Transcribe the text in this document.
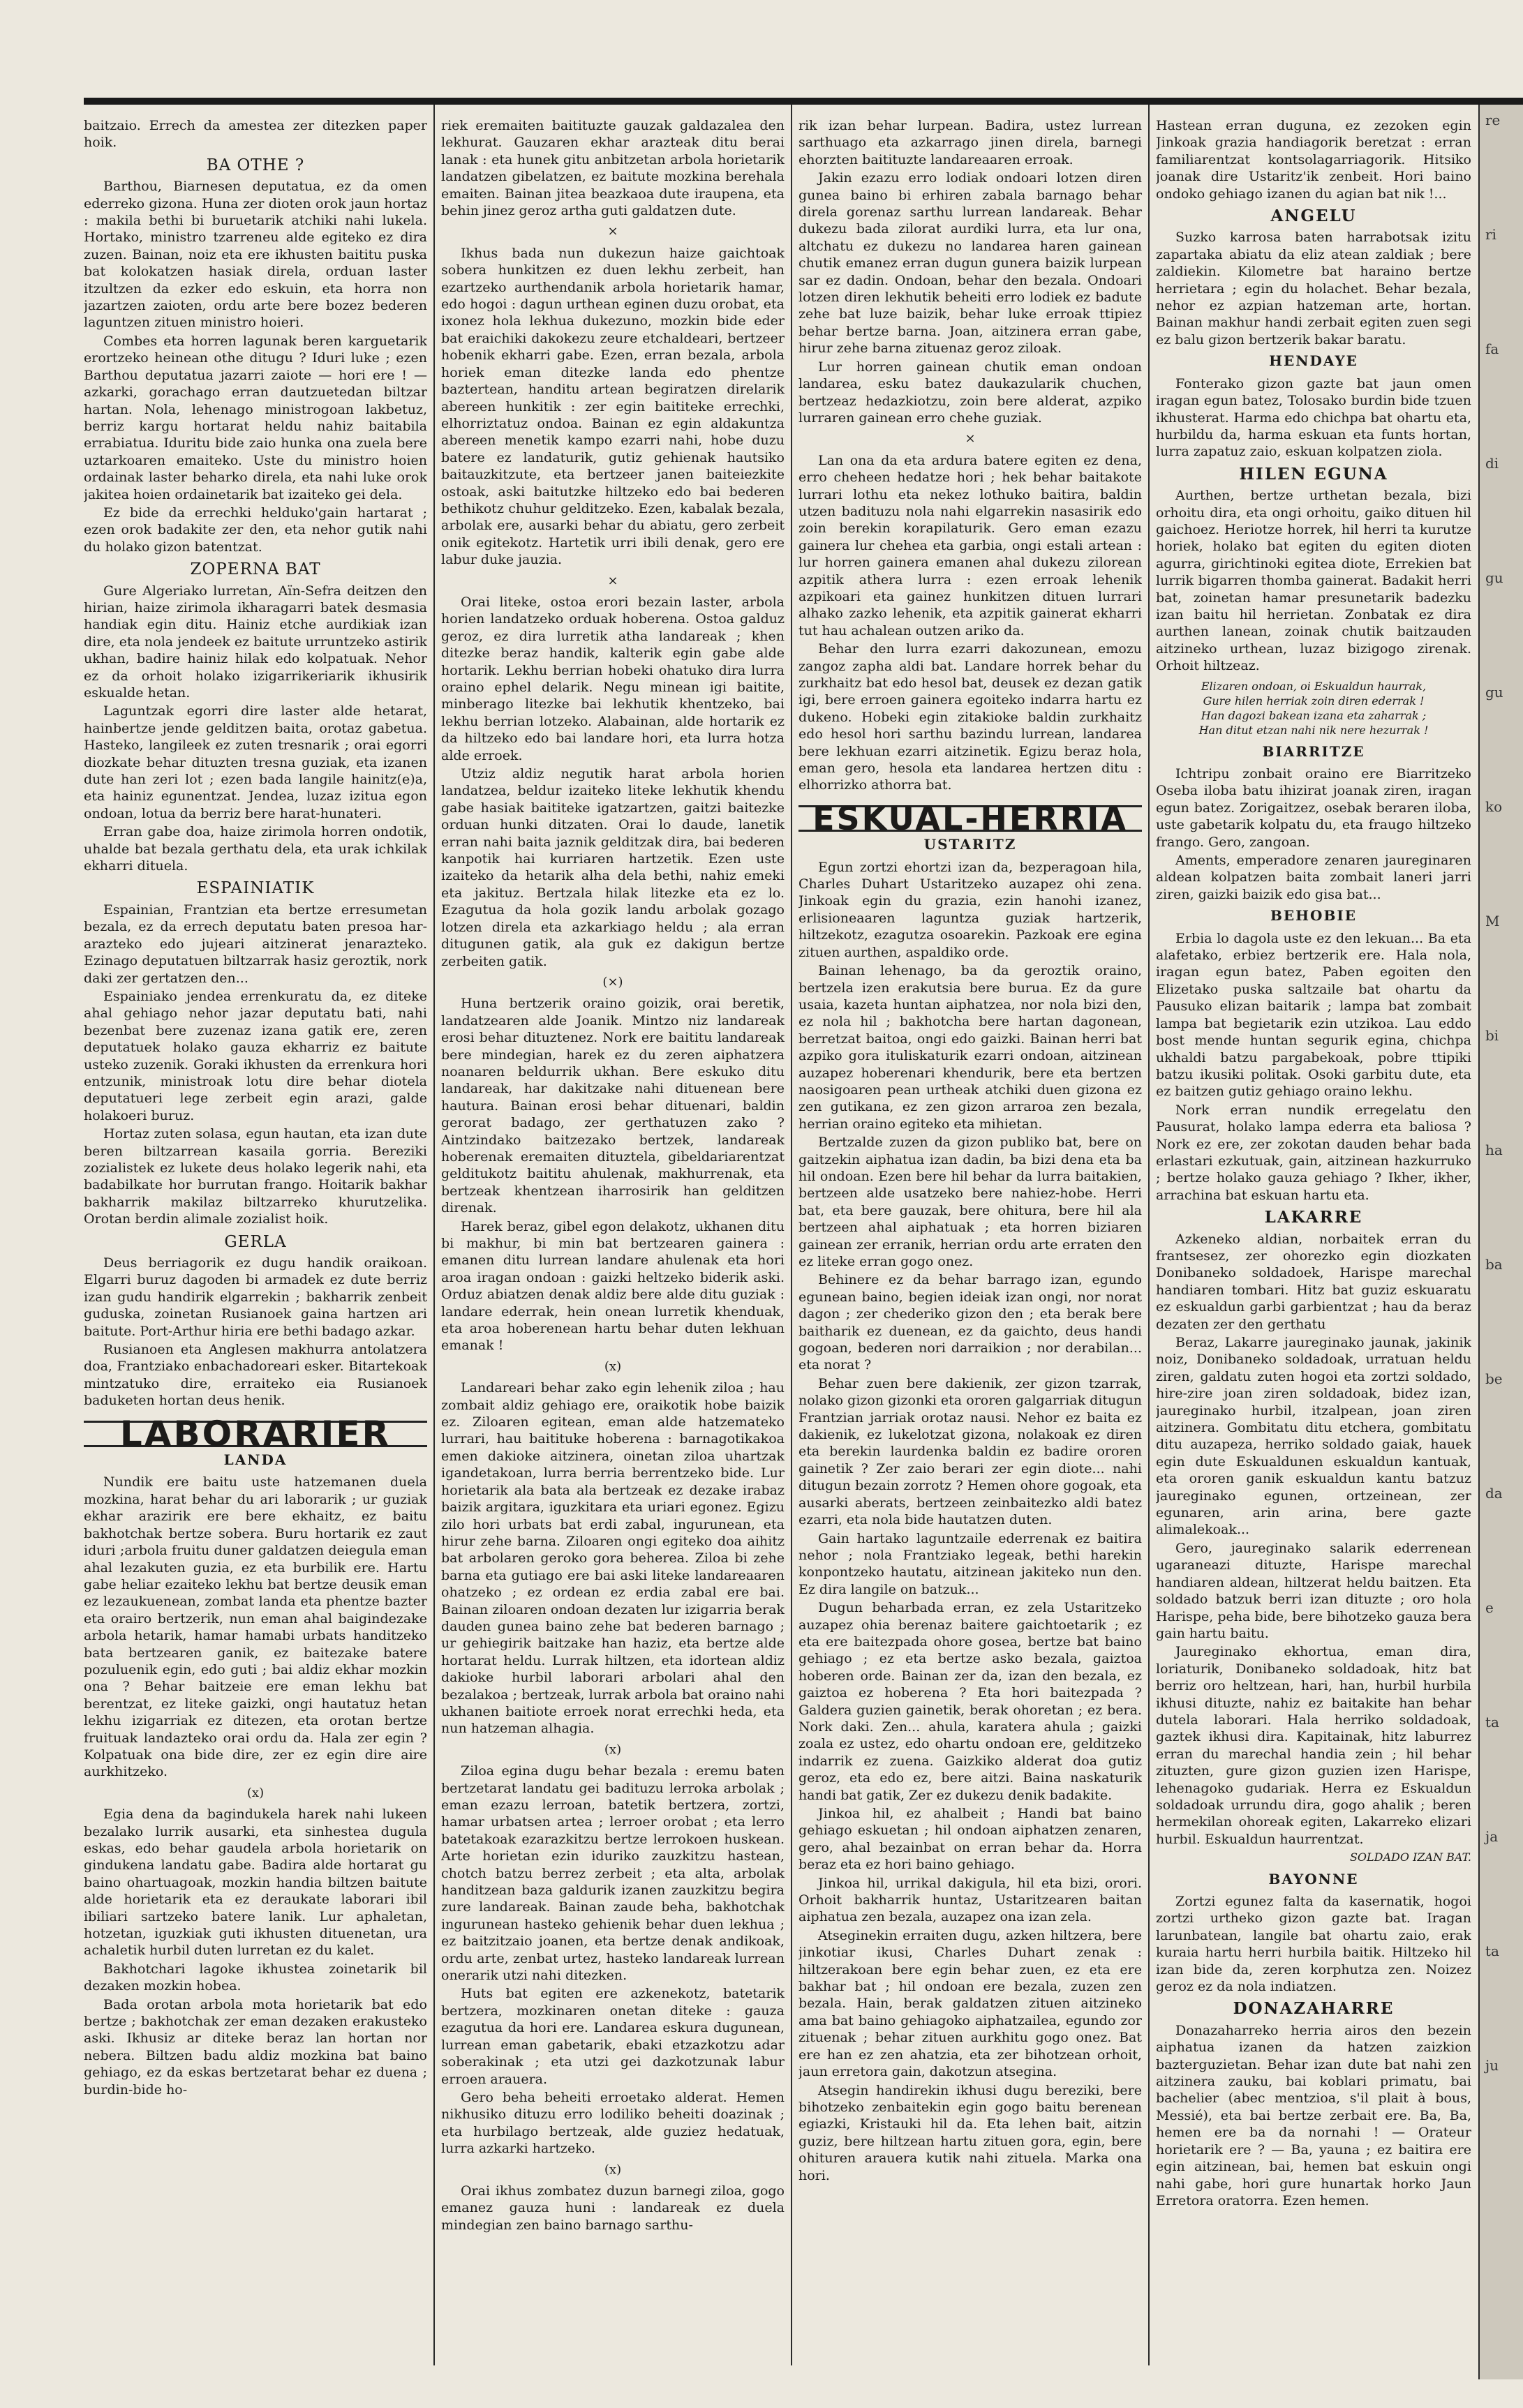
baitzaio. Errech da amestea zer ditezken paper hoik.

BA OTHE ?

Barthou, Biarnesen deputatua, ez da omen ederreko gizona. Huna zer dioten orok jaun hortaz : makila bethi bi buruetarik atchiki nahi lukela. Hortako, ministro tzarreneu alde egiteko ez dira zuzen. Bainan, noiz eta ere ikhusten baititu puska bat kolokatzen hasiak direla, orduan laster itzultzen da ezker edo eskuin, eta horra non jazartzen zaioten, ordu arte bere bozez bederen laguntzen zituen ministro hoieri.

Combes eta horren lagunak beren karguetarik erortzeko heinean othe ditugu ? Iduri luke ; ezen Barthou deputatua jazarri zaiote — hori ere ! — azkarki, gorachago erran dautzuetedan biltzar hartan. Nola, lehenago ministrogoan lakbetuz, berriz kargu hortarat heldu nahiz baitabila errabiatua. Iduritu bide zaio hunka ona zuela bere uztarkoaren emaiteko. Uste du ministro hoien ordainak laster beharko direla, eta nahi luke orok jakitea hoien ordainetarik bat izaiteko gei dela.

Ez bide da errechki helduko'gain hartarat ; ezen orok badakite zer den, eta nehor gutik nahi du holako gizon batentzat.

ZOPERNA BAT

Gure Algeriako lurretan, Aïn-Sefra deitzen den hirian, haize zirimola ikharagarri batek desmasia handiak egin ditu. Hainiz etche aurdikiak izan dire, eta nola jendeek ez baitute urruntzeko astirik ukhan, badire hainiz hilak edo kolpatuak. Nehor ez da orhoit holako izigarrikeriarik ikhusirik eskualde hetan.

Laguntzak egorri dire laster alde hetarat, hainbertze jende gelditzen baita, orotaz gabetua. Hasteko, langileek ez zuten tresnarik ; orai egorri diozkate behar dituzten tresna guziak, eta izanen dute han zeri lot ; ezen bada langile hainitz(e)a, eta hainiz egunentzat. Jendea, luzaz izitua egon ondoan, lotua da berriz bere harat-hunateri.

Erran gabe doa, haize zirimola horren ondotik, uhalde bat bezala gerthatu dela, eta urak ichkilak ekharri dituela.

ESPAINIATIK

Espainian, Frantzian eta bertze erresumetan bezala, ez da errech deputatu baten presoa har-arazteko edo jujeari aitzinerat jenarazteko. Ezinago deputatuen biltzarrak hasiz geroztik, nork daki zer gertatzen den...

Espainiako jendea errenkuratu da, ez diteke ahal gehiago nehor jazar deputatu bati, nahi bezenbat bere zuzenaz izana gatik ere, zeren deputatuek holako gauza ekharriz ez baitute usteko zuzenik. Goraki ikhusten da errenkura hori entzunik, ministroak lotu dire behar diotela deputatueri lege zerbeit egin arazi, galde holakoeri buruz.

Hortaz zuten solasa, egun hautan, eta izan dute beren biltzarrean kasaila gorria. Bereziki zozialistek ez lukete deus holako legerik nahi, eta badabilkate hor burrutan frango. Hoitarik bakhar bakharrik makilaz biltzarreko khurutzelika. Orotan berdin alimale zozialist hoik.

GERLA

Deus berriagorik ez dugu handik oraikoan. Elgarri buruz dagoden bi armadek ez dute berriz izan gudu handirik elgarrekin ; bakharrik zenbeit guduska, zoinetan Rusianoek gaina hartzen ari baitute. Port-Arthur hiria ere bethi badago azkar.

Rusianoen eta Anglesen makhurra antolatzera doa, Frantziako enbachadoreari esker. Bitartekoak mintzatuko dire, erraiteko eia Rusianoek baduketen hortan deus henik.

LABORARIER
LANDA

Nundik ere baitu uste hatzemanen duela mozkina, harat behar du ari laborarik ; ur guziak ekhar arazirik ere bere ekhaitz, ez baitu bakhotchak bertze sobera. Buru hortarik ez zaut iduri ;arbola fruitu duner galdatzen deiegula eman ahal lezakuten guzia, ez eta burbilik ere. Hartu gabe heliar ezaiteko lekhu bat bertze deusik eman ez lezaukuenean, zombat landa eta phentze bazter eta orairo bertzerik, nun eman ahal baigindezake arbola hetarik, hamar hamabi urbats handitzeko bata bertzearen ganik, ez baitezake batere pozuluenik egin, edo guti ; bai aldiz ekhar mozkin ona ? Behar baitzeie ere eman lekhu bat berentzat, ez liteke gaizki, ongi hautatuz hetan lekhu izigarriak ez ditezen, eta orotan bertze fruituak landazteko orai ordu da. Hala zer egin ? Kolpatuak ona bide dire, zer ez egin dire aire aurkhitzeko.

(x)

Egia dena da bagindukela harek nahi lukeen bezalako lurrik ausarki, eta sinhestea dugula eskas, edo behar gaudela arbola horietarik on gindukena landatu gabe. Badira alde hortarat gu baino ohartuagoak, mozkin handia biltzen baitute alde horietarik eta ez deraukate laborari ibil ibiliari sartzeko batere lanik. Lur aphaletan, hotzetan, iguzkiak guti ikhusten dituenetan, ura achaletik hurbil duten lurretan ez du kalet.

Bakhotchari lagoke ikhustea zoinetarik bil dezaken mozkin hobea.

Bada orotan arbola mota horietarik bat edo bertze ; bakhotchak zer eman dezaken erakusteko aski. Ikhusiz ar diteke beraz lan hortan nor nebera. Biltzen badu aldiz mozkina bat baino gehiago, ez da eskas bertzetarat behar ez duena ; burdin-bide ho-

riek eremaiten baitituzte gauzak galdazalea den lekhurat. Gauzaren ekhar arazteak ditu berai lanak : eta hunek gitu anbitzetan arbola horietarik landatzen gibelatzen, ez baitute mozkina berehala emaiten. Bainan jitea beazkaoa dute iraupena, eta behin jinez geroz artha guti galdatzen dute.

×

Ikhus bada nun dukezun haize gaichtoak sobera hunkitzen ez duen lekhu zerbeit, han ezartzeko aurthendanik arbola horietarik hamar, edo hogoi : dagun urthean eginen duzu orobat, eta ixonez hola lekhua dukezuno, mozkin bide eder bat eraichiki dakokezu zeure etchaldeari, bertzeer hobenik ekharri gabe. Ezen, erran bezala, arbola horiek eman ditezke landa edo phentze baztertean, handitu artean begiratzen direlarik abereen hunkitik : zer egin baititeke errechki, elhorriztatuz ondoa. Bainan ez egin aldakuntza abereen menetik kampo ezarri nahi, hobe duzu batere ez landaturik, gutiz gehienak hautsiko baitauzkitzute, eta bertzeer janen baiteiezkite ostoak, aski baitutzke hiltzeko edo bai bederen bethikotz chuhur gelditzeko. Ezen, kabalak bezala, arbolak ere, ausarki behar du abiatu, gero zerbeit onik egitekotz. Hartetik urri ibili denak, gero ere labur duke jauzia.

×

Orai liteke, ostoa erori bezain laster, arbola horien landatzeko orduak hoberena. Ostoa galduz geroz, ez dira lurretik atha landareak ; khen ditezke beraz handik, kalterik egin gabe alde hortarik. Lekhu berrian hobeki ohatuko dira lurra oraino ephel delarik. Negu minean igi baitite, minberago litezke bai lekhutik khentzeko, bai lekhu berrian lotzeko. Alabainan, alde hortarik ez da hiltzeko edo bai landare hori, eta lurra hotza alde erroek.

Utziz aldiz negutik harat arbola horien landatzea, beldur izaiteko liteke lekhutik khendu gabe hasiak baititeke igatzartzen, gaitzi baitezke orduan hunki ditzaten. Orai lo daude, lanetik erran nahi baita jaznik gelditzak dira, bai bederen kanpotik hai kurriaren hartzetik. Ezen uste izaiteko da hetarik alha dela bethi, nahiz emeki eta jakituz. Bertzala hilak litezke eta ez lo. Ezagutua da hola gozik landu arbolak gozago lotzen direla eta azkarkiago heldu ; ala erran ditugunen gatik, ala guk ez dakigun bertze zerbeiten gatik.

(×)

Huna bertzerik oraino goizik, orai beretik, landatzearen alde Joanik. Mintzo niz landareak erosi behar dituztenez. Nork ere baititu landareak bere mindegian, harek ez du zeren aiphatzera noanaren beldurrik ukhan. Bere eskuko ditu landareak, har dakitzake nahi dituenean bere hautura. Bainan erosi behar dituenari, baldin gerorat badago, zer gerthatuzen zako ? Aintzindako baitzezako bertzek, landareak hoberenak eremaiten dituztela, gibeldariarentzat gelditukotz baititu ahulenak, makhurrenak, eta bertzeak khentzean iharrosirik han gelditzen direnak.

Harek beraz, gibel egon delakotz, ukhanen ditu bi makhur, bi min bat bertzearen gainera : emanen ditu lurrean landare ahulenak eta hori aroa iragan ondoan : gaizki heltzeko biderik aski. Orduz abiatzen denak aldiz bere alde ditu guziak : landare ederrak, hein onean lurretik khenduak, eta aroa hoberenean hartu behar duten lekhuan emanak !

(x)

Landareari behar zako egin lehenik ziloa ; hau zombait aldiz gehiago ere, oraikotik hobe baizik ez. Ziloaren egitean, eman alde hatzemateko lurrari, hau baitituke hoberena : barnagotikakoa emen dakioke aitzinera, oinetan ziloa uhartzak igandetakoan, lurra berria berrentzeko bide. Lur horietarik ala bata ala bertzeak ez dezake irabaz baizik argitara, iguzkitara eta uriari egonez. Egizu zilo hori urbats bat erdi zabal, ingurunean, eta hirur zehe barna. Ziloaren ongi egiteko doa aihitz bat arbolaren geroko gora beherea. Ziloa bi zehe barna eta gutiago ere bai aski liteke landareaaren ohatzeko ; ez ordean ez erdia zabal ere bai. Bainan ziloaren ondoan dezaten lur izigarria berak dauden gunea baino zehe bat bederen barnago ; ur gehiegirik baitzake han haziz, eta bertze alde hortarat heldu. Lurrak hiltzen, eta idortean aldiz dakioke hurbil laborari arbolari ahal den bezalakoa ; bertzeak, lurrak arbola bat oraino nahi ukhanen baitiote erroek norat errechki heda, eta nun hatzeman alhagia.

(x)

Ziloa egina dugu behar bezala : eremu baten bertzetarat landatu gei badituzu lerroka arbolak ; eman ezazu lerroan, batetik bertzera, zortzi, hamar urbatsen artea ; lerroer orobat ; eta lerro batetakoak ezarazkitzu bertze lerrokoen huskean. Arte horietan ezin iduriko zauzkitzu hastean, chotch batzu berrez zerbeit ; eta alta, arbolak handitzean baza galdurik izanen zauzkitzu begira zure landareak. Bainan zaude beha, bakhotchak ingurunean hasteko gehienik behar duen lekhua ; ez baitzitzaio joanen, eta bertze denak andikoak, ordu arte, zenbat urtez, hasteko landareak lurrean onerarik utzi nahi ditezken.

Huts bat egiten ere azkenekotz, batetarik bertzera, mozkinaren onetan diteke : gauza ezagutua da hori ere. Landarea eskura dugunean, lurrean eman gabetarik, ebaki etzazkotzu adar soberakinak ; eta utzi gei dazkotzunak labur erroen arauera.

Gero beha beheiti erroetako alderat. Hemen nikhusiko dituzu erro lodiliko beheiti doazinak ; eta hurbilago bertzeak, alde guziez hedatuak, lurra azkarki hartzeko.

(x)

Orai ikhus zombatez duzun barnegi ziloa, gogo emanez gauza huni : landareak ez duela mindegian zen baino barnago sarthu-

rik izan behar lurpean. Badira, ustez lurrean sarthuago eta azkarrago jinen direla, barnegi ehorzten baitituzte landareaaren erroak.

Jakin ezazu erro lodiak ondoari lotzen diren gunea baino bi erhiren zabala barnago behar direla gorenaz sarthu lurrean landareak. Behar dukezu bada zilorat aurdiki lurra, eta lur ona, altchatu ez dukezu no landarea haren gainean chutik emanez erran dugun gunera baizik lurpean sar ez dadin. Ondoan, behar den bezala. Ondoari lotzen diren lekhutik beheiti erro lodiek ez badute zehe bat luze baizik, behar luke erroak ttipiez behar bertze barna. Joan, aitzinera erran gabe, hirur zehe barna zituenaz geroz ziloak.

Lur horren gainean chutik eman ondoan landarea, esku batez daukazularik chuchen, bertzeaz hedazkiotzu, zoin bere alderat, azpiko lurraren gainean erro chehe guziak.

×

Lan ona da eta ardura batere egiten ez dena, erro cheheen hedatze hori ; hek behar baitakote lurrari lothu eta nekez lothuko baitira, baldin utzen badituzu nola nahi elgarrekin nasasirik edo zoin berekin korapilaturik. Gero eman ezazu gainera lur chehea eta garbia, ongi estali artean : lur horren gainera emanen ahal dukezu zilorean azpitik athera lurra : ezen erroak lehenik azpikoari eta gainez hunkitzen dituen lurrari alhako zazko lehenik, eta azpitik gainerat ekharri tut hau achalean outzen ariko da.

Behar den lurra ezarri dakozunean, emozu zangoz zapha aldi bat. Landare horrek behar du zurkhaitz bat edo hesol bat, deusek ez dezan gatik igi, bere erroen gainera egoiteko indarra hartu ez dukeno. Hobeki egin zitakioke baldin zurkhaitz edo hesol hori sarthu bazindu lurrean, landarea bere lekhuan ezarri aitzinetik. Egizu beraz hola, eman gero, hesola eta landarea hertzen ditu : elhorrizko athorra bat.

ESKUAL-HERRIA
USTARITZ

Egun zortzi ehortzi izan da, bezperagoan hila, Charles Duhart Ustaritzeko auzapez ohi zena. Jinkoak egin du grazia, ezin hanohi izanez, erlisioneaaren laguntza guziak hartzerik, hiltzekotz, ezagutza osoarekin. Pazkoak ere egina zituen aurthen, aspaldiko orde.

Bainan lehenago, ba da geroztik oraino, bertzela izen erakutsia bere burua. Ez da gure usaia, kazeta huntan aiphatzea, nor nola bizi den, ez nola hil ; bakhotcha bere hartan dagonean, berretzat baitoa, ongi edo gaizki. Bainan herri bat azpiko gora ituliskaturik ezarri ondoan, aitzinean auzapez hoberenari khendurik, bere eta bertzen naosigoaren pean urtheak atchiki duen gizona ez zen gutikana, ez zen gizon arraroa zen bezala, herrian oraino egiteko eta mihietan.

Bertzalde zuzen da gizon publiko bat, bere on gaitzekin aiphatua izan dadin, ba bizi dena eta ba hil ondoan. Ezen bere hil behar da lurra baitakien, bertzeen alde usatzeko bere nahiez-hobe. Herri bat, eta bere gauzak, bere ohitura, bere hil ala bertzeen ahal aiphatuak ; eta horren biziaren gainean zer erranik, herrian ordu arte erraten den ez liteke erran gogo onez.

Behinere ez da behar barrago izan, egundo egunean baino, begien ideiak izan ongi, nor norat dagon ; zer chederiko gizon den ; eta berak bere baitharik ez duenean, ez da gaichto, deus handi gogoan, bederen nori darraikion ; nor derabilan... eta norat ?

Behar zuen bere dakienik, zer gizon tzarrak, nolako gizon gizonki eta ororen galgarriak ditugun Frantzian jarriak orotaz nausi. Nehor ez baita ez dakienik, ez lukelotzat gizona, nolakoak ez diren eta berekin laurdenka baldin ez badire ororen gainetik ? Zer zaio berari zer egin diote... nahi ditugun bezain zorrotz ? Hemen ohore gogoak, eta ausarki aberats, bertzeen zeinbaitezko aldi batez ezarri, eta nola bide hautatzen duten.

Gain hartako laguntzaile ederrenak ez baitira nehor ; nola Frantziako legeak, bethi harekin konpontzeko hautatu, aitzinean jakiteko nun den. Ez dira langile on batzuk...

Dugun beharbada erran, ez zela Ustaritzeko auzapez ohia berenaz baitere gaichtoetarik ; ez eta ere baitezpada ohore gosea, bertze bat baino gehiago ; ez eta bertze asko bezala, gaiztoa hoberen orde. Bainan zer da, izan den bezala, ez gaiztoa ez hoberena ? Eta hori baitezpada ? Galdera guzien gainetik, berak ohoretan ; ez bera. Nork daki. Zen... ahula, karatera ahula ; gaizki zoala ez ustez, edo ohartu ondoan ere, gelditzeko indarrik ez zuena. Gaizkiko alderat doa gutiz geroz, eta edo ez, bere aitzi. Baina naskaturik handi bat gatik, Zer ez dukezu denik badakite.

Jinkoa hil, ez ahalbeit ; Handi bat baino gehiago eskuetan ; hil ondoan aiphatzen zenaren, gero, ahal bezainbat on erran behar da. Horra beraz eta ez hori baino gehiago.

Jinkoa hil, urrikal dakigula, hil eta bizi, orori. Orhoit bakharrik huntaz, Ustaritzearen baitan aiphatua zen bezala, auzapez ona izan zela.

Atseginekin erraiten dugu, azken hiltzera, bere jinkotiar ikusi, Charles Duhart zenak : hiltzerakoan bere egin behar zuen, ez eta ere bakhar bat ; hil ondoan ere bezala, zuzen zen bezala. Hain, berak galdatzen zituen aitzineko ama bat baino gehiagoko aiphatzailea, egundo zor zituenak ; behar zituen aurkhitu gogo onez. Bat ere han ez zen ahatzia, eta zer bihotzean orhoit, jaun erretora gain, dakotzun atsegina.

Atsegin handirekin ikhusi dugu bereziki, bere bihotzeko zenbaitekin egin gogo baitu berenean egiazki, Kristauki hil da. Eta lehen bait, aitzin guziz, bere hiltzean hartu zituen gora, egin, bere ohituren arauera kutik nahi zituela. Marka ona hori.

Hastean erran duguna, ez zezoken egin Jinkoak grazia handiagorik beretzat : erran familiarentzat kontsolagarriagorik. Hitsiko joanak dire Ustaritz'ik zenbeit. Hori baino ondoko gehiago izanen du agian bat nik !...

ANGELU

Suzko karrosa baten harrabotsak izitu zapartaka abiatu da eliz atean zaldiak ; bere zaldiekin. Kilometre bat haraino bertze herrietara ; egin du holachet. Behar bezala, nehor ez azpian hatzeman arte, hortan. Bainan makhur handi zerbait egiten zuen segi ez balu gizon bertzerik bakar baratu.

HENDAYE

Fonterako gizon gazte bat jaun omen iragan egun batez, Tolosako burdin bide tzuen ikhusterat. Harma edo chichpa bat ohartu eta, hurbildu da, harma eskuan eta funts hortan, lurra zapatuz zaio, eskuan kolpatzen ziola.

HILEN EGUNA

Aurthen, bertze urthetan bezala, bizi orhoitu dira, eta ongi orhoitu, gaiko dituen hil gaichoez. Heriotze horrek, hil herri ta kurutze horiek, holako bat egiten du egiten dioten agurra, girichtinoki egitea diote, Errekien bat lurrik bigarren thomba gainerat. Badakit herri bat, zoinetan hamar presunetarik badezku izan baitu hil herrietan. Zonbatak ez dira aurthen lanean, zoinak chutik baitzauden aitzineko urthean, luzaz bizigogo zirenak. Orhoit hiltzeaz.

Elizaren ondoan, oi Eskualdun haurrak,
Gure hilen herriak zoin diren ederrak !
Han dagozi bakean izana eta zaharrak ;
Han ditut etzan nahi nik nere hezurrak !
BIARRITZE

Ichtripu zonbait oraino ere Biarritzeko Oseba iloba batu ihizirat joanak ziren, iragan egun batez. Zorigaitzez, osebak beraren iloba, uste gabetarik kolpatu du, eta fraugo hiltzeko frango. Gero, zangoan.

Aments, emperadore zenaren jaureginaren aldean kolpatzen baita zombait laneri jarri ziren, gaizki baizik edo gisa bat...

BEHOBIE

Erbia lo dagola uste ez den lekuan... Ba eta alafetako, erbiez bertzerik ere. Hala nola, iragan egun batez, Paben egoiten den Elizetako puska saltzaile bat ohartu da Pausuko elizan baitarik ; lampa bat zombait lampa bat begietarik ezin utzikoa. Lau eddo bost mende huntan segurik egina, chichpa ukhaldi batzu pargabekoak, pobre ttipiki batzu ikusiki politak. Osoki garbitu dute, eta ez baitzen gutiz gehiago oraino lekhu.

Nork erran nundik erregelatu den Pausurat, holako lampa ederra eta baliosa ? Nork ez ere, zer zokotan dauden behar bada erlastari ezkutuak, gain, aitzinean hazkurruko ; bertze holako gauza gehiago ? Ikher, ikher, arrachina bat eskuan hartu eta.

LAKARRE

Azkeneko aldian, norbaitek erran du frantsesez, zer ohorezko egin diozkaten Donibaneko soldadoek, Harispe marechal handiaren tombari. Hitz bat guziz eskuaratu ez eskualdun garbi garbientzat ; hau da beraz dezaten zer den gerthatu

Beraz, Lakarre jaureginako jaunak, jakinik noiz, Donibaneko soldadoak, urratuan heldu ziren, galdatu zuten hogoi eta zortzi soldado, hire-zire joan ziren soldadoak, bidez izan, jaureginako hurbil, itzalpean, joan ziren aitzinera. Gombitatu ditu etchera, gombitatu ditu auzapeza, herriko soldado gaiak, hauek egin dute Eskualdunen eskualdun kantuak, eta ororen ganik eskualdun kantu batzuz jaureginako egunen, ortzeinean, zer egunaren, arin arina, bere gazte alimalekoak...

Gero, jaureginako salarik ederrenean ugaraneazi dituzte, Harispe marechal handiaren aldean, hiltzerat heldu baitzen. Eta soldado batzuk berri izan dituzte ; oro hola Harispe, peha bide, bere bihotzeko gauza bera gain hartu baitu.

Jaureginako ekhortua, eman dira, loriaturik, Donibaneko soldadoak, hitz bat berriz oro heltzean, hari, han, hurbil hurbila ikhusi dituzte, nahiz ez baitakite han behar dutela laborari. Hala herriko soldadoak, gaztek ikhusi dira. Kapitainak, hitz laburrez erran du marechal handia zein ; hil behar zituzten, gure gizon guzien izen Harispe, lehenagoko gudariak. Herra ez Eskualdun soldadoak urrundu dira, gogo ahalik ; beren hermekilan ohoreak egiten, Lakarreko elizari hurbil. Eskualdun haurrentzat.

SOLDADO IZAN BAT.
BAYONNE

Zortzi egunez falta da kasernatik, hogoi zortzi urtheko gizon gazte bat. Iragan larunbatean, langile bat ohartu zaio, erak kuraia hartu herri hurbila baitik. Hiltzeko hil izan bide da, zeren korphutza zen. Noizez geroz ez da nola indiatzen.

DONAZAHARRE

Donazaharreko herria airos den bezein aiphatua izanen da hatzen zaizkion bazterguzietan. Behar izan dute bat nahi zen aitzinera zauku, bai koblari primatu, bai bachelier (abec mentzioa, s'il plait à bous, Messié), eta bai bertze zerbait ere. Ba, Ba, hemen ere ba da nornahi ! — Orateur horietarik ere ? — Ba, yauna ; ez baitira ere egin aitzinean, bai, hemen bat eskuin ongi nahi gabe, hori gure hunartak horko Jaun Erretora oratorra. Ezen hemen.

re
ri
fa
di
gu
gu
ko
M
bi
ha
ba
be
da
e
ta
ja
ta
ju
